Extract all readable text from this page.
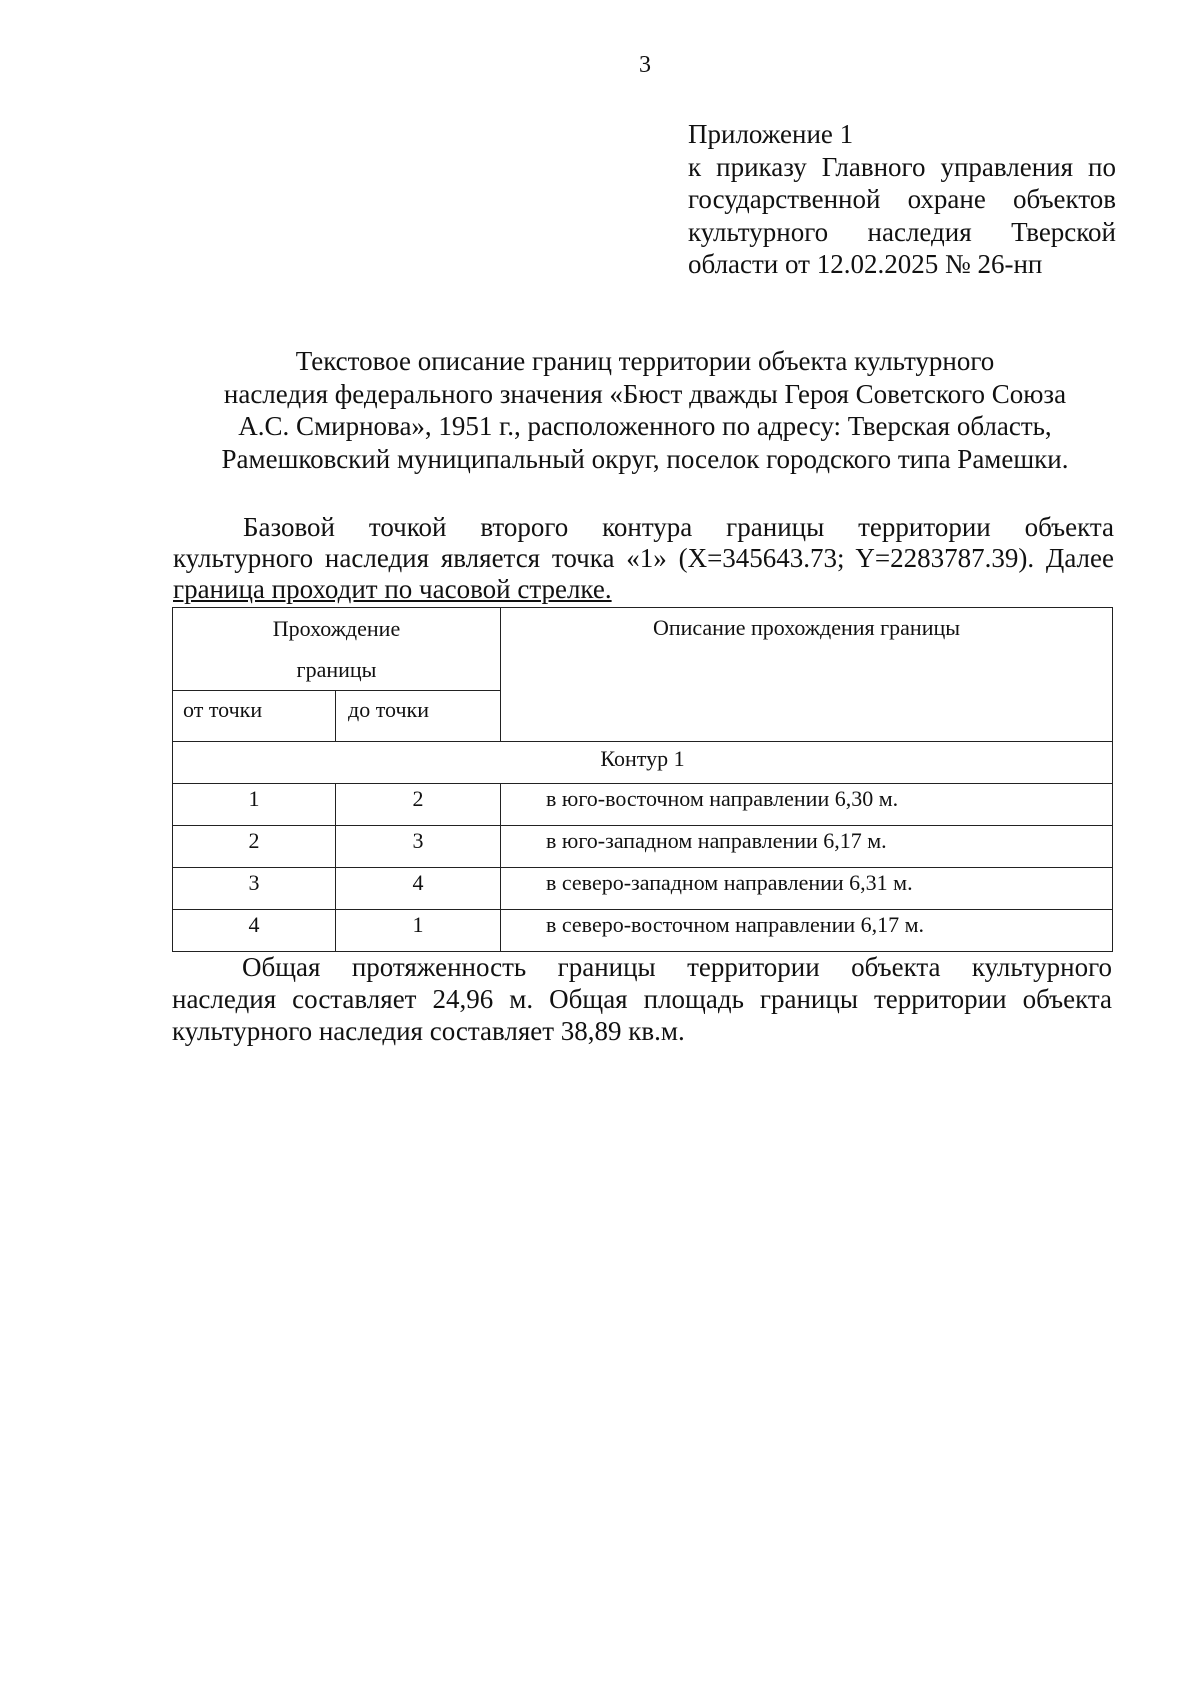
3
Приложение 1
к приказу Главного управления по
государственной охране объектов
культурного наследия Тверской
области от 12.02.2025 № 26-нп
Текстовое описание границ территории объекта культурного
наследия федерального значения «Бюст дважды Героя Советского Союза
А.С. Смирнова», 1951 г., расположенного по адресу: Тверская область,
Рамешковский муниципальный округ, поселок городского типа Рамешки.
Базовой точкой второго контура границы территории объекта
культурного наследия является точка «1» (X=345643.73; Y=2283787.39). Далее
граница проходит по часовой стрелке.
Прохождение
границы		Описание прохождения границы
от точки	до точки	
Контур 1		
1	2	в юго-восточном направлении 6,30 м.
2	3	в юго-западном направлении 6,17 м.
3	4	в северо-западном направлении 6,31 м.
4	1	в северо-восточном направлении 6,17 м.
Общая протяженность границы территории объекта культурного
наследия составляет 24,96 м. Общая площадь границы территории объекта
культурного наследия составляет 38,89 кв.м.
